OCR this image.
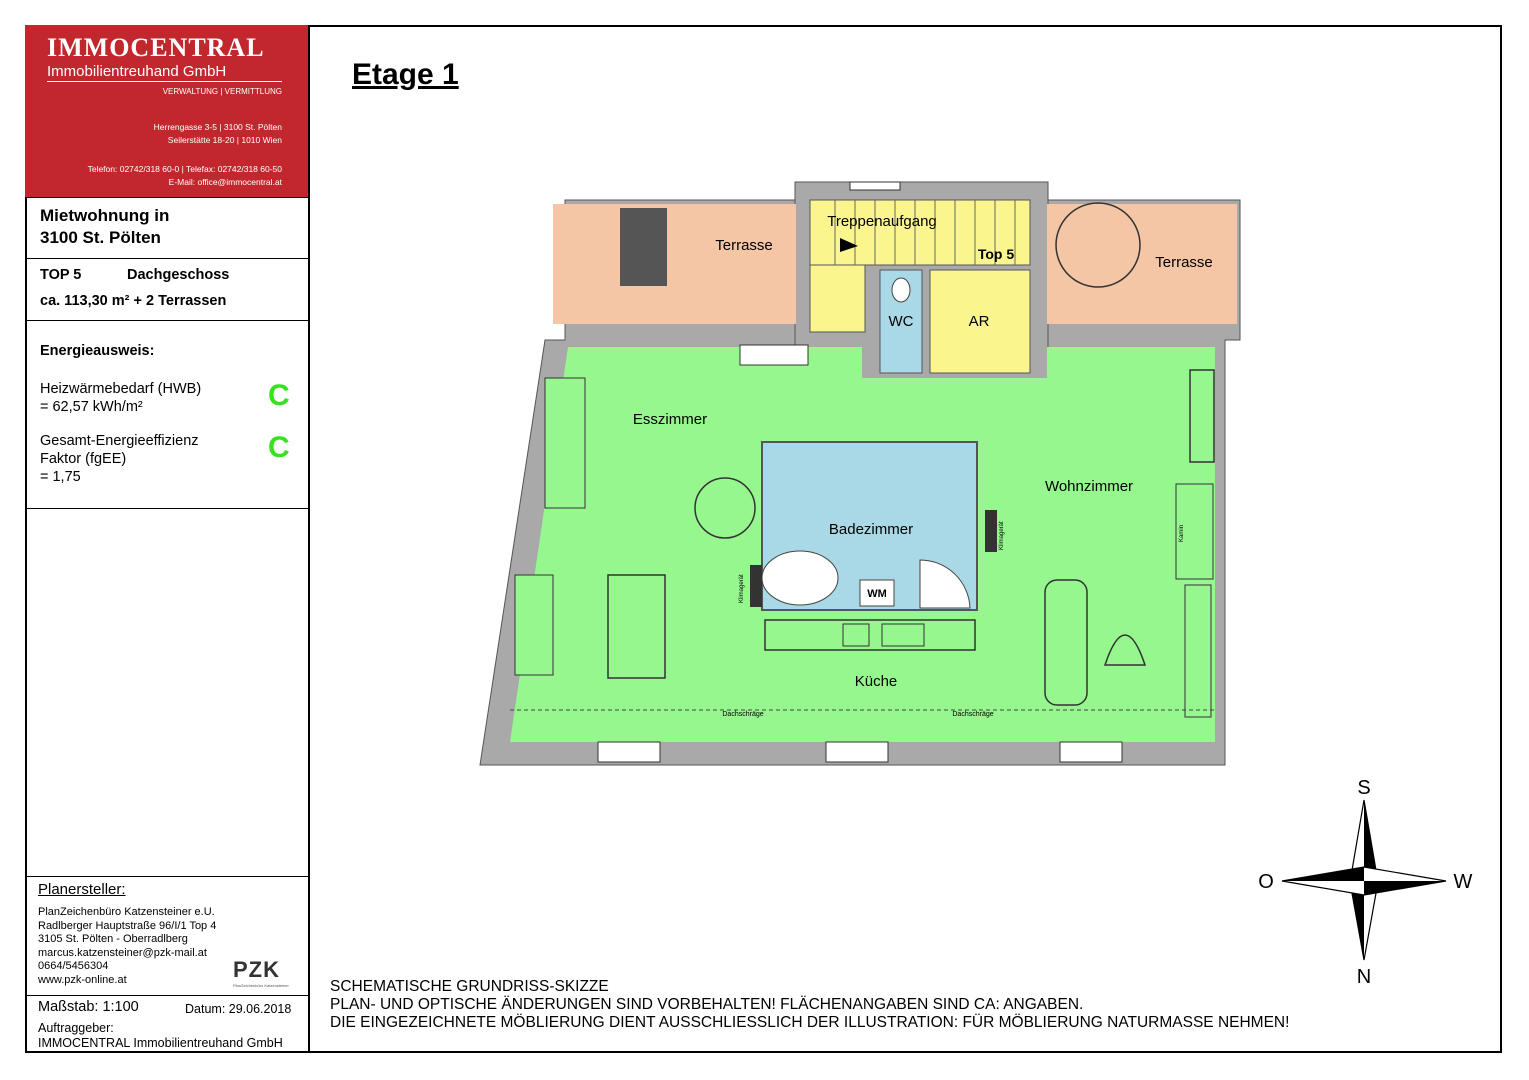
IMMOCENTRAL
Immobilientreuhand GmbH
VERWALTUNG | VERMITTLUNG
Herrengasse 3-5 | 3100 St. Pölten
Seilerstätte 18-20 | 1010 Wien
Telefon: 02742/318 60-0 | Telefax: 02742/318 60-50
E-Mail: office@immocentral.at
Mietwohnung in
3100 St. Pölten
TOP 5	Dachgeschoss
ca. 113,30 m² + 2 Terrassen
Energieausweis:
Heizwärmebedarf (HWB)
= 62,57 kWh/m²	C
Gesamt-Energieeffizienz
Faktor (fgEE)
= 1,75
C
Planersteller:
PlanZeichenbüro Katzensteiner e.U.
Radlberger Hauptstraße 96/I/1 Top 4
3105 St. Pölten - Oberradlberg
marcus.katzensteiner@pzk-mail.at
0664/5456304
www.pzk-online.at	PZK
PlanZeichenbüro Katzensteiner
Maßstab: 1:100	Datum: 29.06.2018
Auftraggeber:
IMMOCENTRAL Immobilientreuhand GmbH
Etage 1
Terrasse
Terrasse
Treppenaufgang
Top 5
WC	AR
Esszimmer
Badezimmer
Wohnzimmer
Küche
WM
Klimagerät
Klimagerät	Kamin
Dachschräge	Dachschräge
S
N
O	W
SCHEMATISCHE GRUNDRISS-SKIZZE
PLAN- UND OPTISCHE ÄNDERUNGEN SIND VORBEHALTEN! FLÄCHENANGABEN SIND CA: ANGABEN.
DIE EINGEZEICHNETE MÖBLIERUNG DIENT AUSSCHLIESSLICH DER ILLUSTRATION: FÜR MÖBLIERUNG NATURMASSE NEHMEN!
